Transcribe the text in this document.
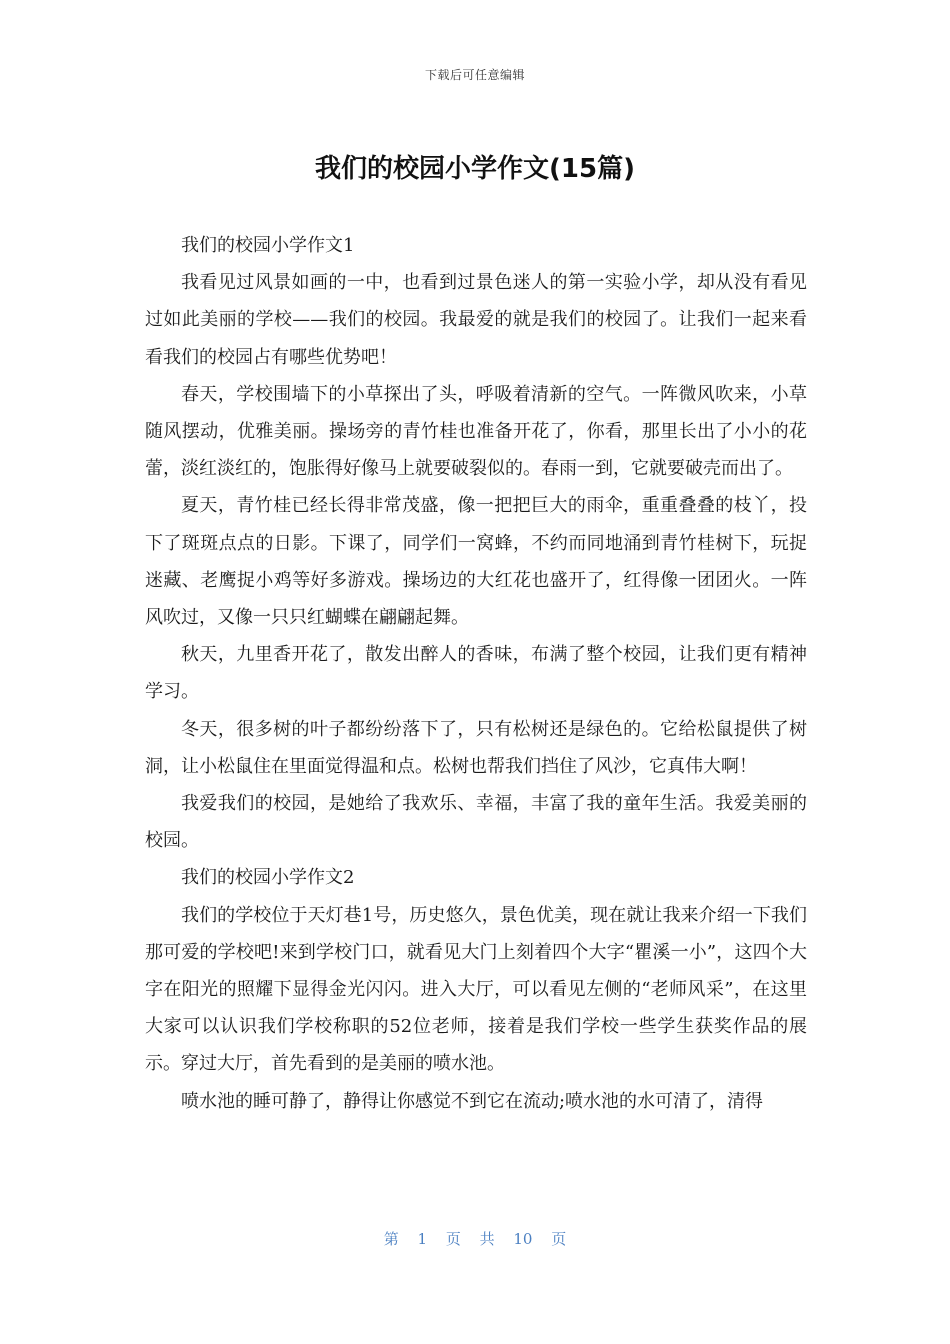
下载后可任意编辑
我们的校园小学作文(15篇)

我们的校园小学作文1

我看见过风景如画的一中，也看到过景色迷人的第一实验小学，却从没有看见过如此美丽的学校——我们的校园。我最爱的就是我们的校园了。让我们一起来看看我们的校园占有哪些优势吧！

春天，学校围墙下的小草探出了头，呼吸着清新的空气。一阵微风吹来，小草随风摆动，优雅美丽。操场旁的青竹桂也准备开花了，你看，那里长出了小小的花蕾，淡红淡红的，饱胀得好像马上就要破裂似的。春雨一到，它就要破壳而出了。

夏天，青竹桂已经长得非常茂盛，像一把把巨大的雨伞，重重叠叠的枝丫，投下了斑斑点点的日影。下课了，同学们一窝蜂，不约而同地涌到青竹桂树下，玩捉迷藏、老鹰捉小鸡等好多游戏。操场边的大红花也盛开了，红得像一团团火。一阵风吹过，又像一只只红蝴蝶在翩翩起舞。

秋天，九里香开花了，散发出醉人的香味，布满了整个校园，让我们更有精神学习。

冬天，很多树的叶子都纷纷落下了，只有松树还是绿色的。它给松鼠提供了树洞，让小松鼠住在里面觉得温和点。松树也帮我们挡住了风沙，它真伟大啊！

我爱我们的校园，是她给了我欢乐、幸福，丰富了我的童年生活。我爱美丽的校园。

我们的校园小学作文2

我们的学校位于天灯巷1号，历史悠久，景色优美，现在就让我来介绍一下我们那可爱的学校吧!来到学校门口，就看见大门上刻着四个大字“瞿溪一小”，这四个大字在阳光的照耀下显得金光闪闪。进入大厅，可以看见左侧的“老师风采”，在这里大家可以认识我们学校称职的52位老师，接着是我们学校一些学生获奖作品的展示。穿过大厅，首先看到的是美丽的喷水池。

喷水池的睡可静了，静得让你感觉不到它在流动;喷水池的水可清了，清得

第 1 页 共 10 页
